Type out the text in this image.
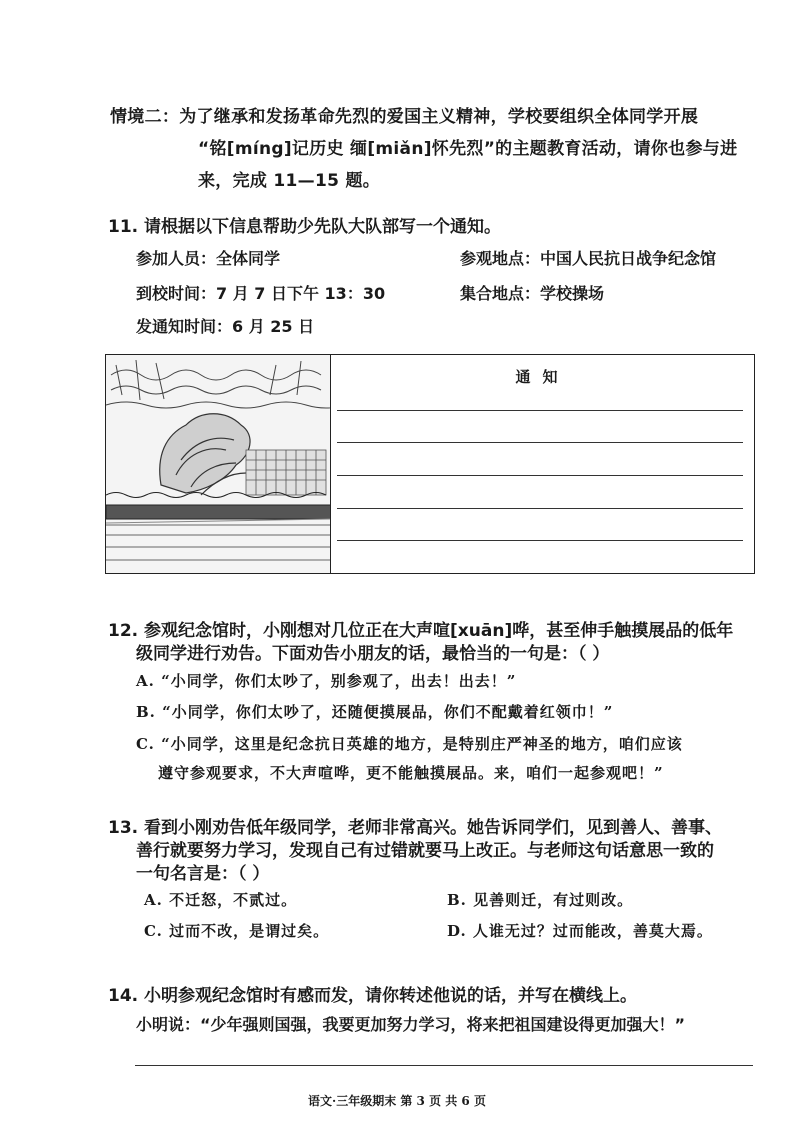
情境二：为了继承和发扬革命先烈的爱国主义精神，学校要组织全体同学开展
“铭[míng]记历史 缅[miǎn]怀先烈”的主题教育活动，请你也参与进
来，完成 11—15 题。
11. 请根据以下信息帮助少先队大队部写一个通知。
参加人员：全体同学	参观地点：中国人民抗日战争纪念馆
到校时间：7 月 7 日下午 13：30	集合地点：学校操场
发通知时间：6 月 25 日
通知
12. 参观纪念馆时，小刚想对几位正在大声喧[xuān]哗，甚至伸手触摸展品的低年
级同学进行劝告。下面劝告小朋友的话，最恰当的一句是：（ ）
A. “小同学，你们太吵了，别参观了，出去！出去！”
B. “小同学，你们太吵了，还随便摸展品，你们不配戴着红领巾！”
C. “小同学，这里是纪念抗日英雄的地方，是特别庄严神圣的地方，咱们应该
遵守参观要求，不大声喧哗，更不能触摸展品。来，咱们一起参观吧！”
13. 看到小刚劝告低年级同学，老师非常高兴。她告诉同学们，见到善人、善事、
善行就要努力学习，发现自己有过错就要马上改正。与老师这句话意思一致的
一句名言是：（ ）
A. 不迁怒，不贰过。	B. 见善则迁，有过则改。
C. 过而不改，是谓过矣。	D. 人谁无过？过而能改，善莫大焉。
14. 小明参观纪念馆时有感而发，请你转述他说的话，并写在横线上。
小明说：“少年强则国强，我要更加努力学习，将来把祖国建设得更加强大！”
语文·三年级期末 第 3 页 共 6 页
